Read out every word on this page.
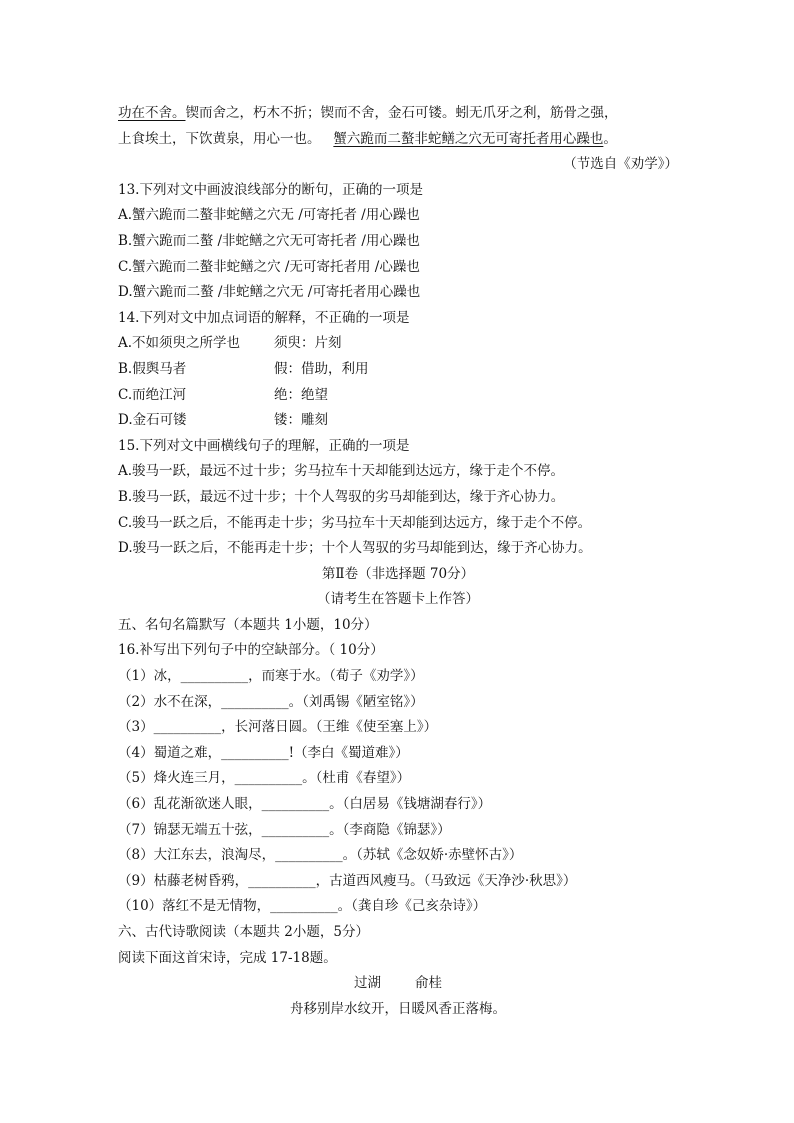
功在不舍。锲而舍之，朽木不折；锲而不舍，金石可镂。蚓无爪牙之利，筋骨之强，
上食埃土，下饮黄泉，用心一也。 蟹六跪而二螯非蛇鳝之穴无可寄托者用心躁也。
（节选自《劝学》）
13.下列对文中画波浪线部分的断句，正确的一项是
A.蟹六跪而二螯非蛇鳝之穴无 /可寄托者 /用心躁也
B.蟹六跪而二螯 /非蛇鳝之穴无可寄托者 /用心躁也
C.蟹六跪而二螯非蛇鳝之穴 /无可寄托者用 /心躁也
D.蟹六跪而二螯 /非蛇鳝之穴无 /可寄托者用心躁也
14.下列对文中加点词语的解释，不正确的一项是
A.不如须臾之所学也	须臾：片刻
B.假舆马者	假：借助，利用
C.而绝江河	绝：绝望
D.金石可镂	镂：雕刻
15.下列对文中画横线句子的理解，正确的一项是
A.骏马一跃，最远不过十步；劣马拉车十天却能到达远方，缘于走个不停。
B.骏马一跃，最远不过十步；十个人驾驭的劣马却能到达，缘于齐心协力。
C.骏马一跃之后，不能再走十步；劣马拉车十天却能到达远方，缘于走个不停。
D.骏马一跃之后，不能再走十步；十个人驾驭的劣马却能到达，缘于齐心协力。
第Ⅱ卷（非选择题 70分）
（请考生在答题卡上作答）
五、名句名篇默写（本题共 1小题，10分）
16.补写出下列句子中的空缺部分。（ 10分）
（1）冰，__________，而寒于水。（荀子《劝学》）
（2）水不在深，__________。（刘禹锡《陋室铭》）
（3）__________，长河落日圆。（王维《使至塞上》）
（4）蜀道之难，__________!（李白《蜀道难》）
（5）烽火连三月，__________。（杜甫《春望》）
（6）乱花渐欲迷人眼，__________。（白居易《钱塘湖春行》）
（7）锦瑟无端五十弦，__________。（李商隐《锦瑟》）
（8）大江东去，浪淘尽，__________。（苏轼《念奴娇·赤壁怀古》）
（9）枯藤老树昏鸦，__________，古道西风瘦马。（马致远《天净沙·秋思》）
（10）落红不是无情物，__________。（龚自珍《己亥杂诗》）
六、古代诗歌阅读（本题共 2小题，5分）
阅读下面这首宋诗，完成 17-18题。
过湖	俞桂
舟移别岸水纹开，日暖风香正落梅。
